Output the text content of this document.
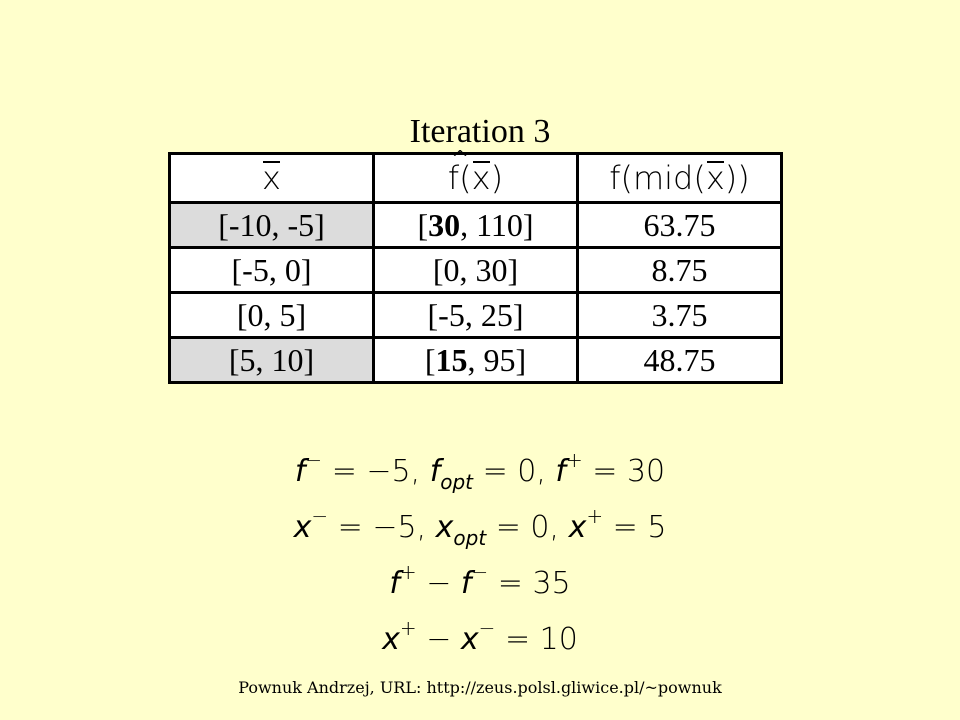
Iteration 3
x	^ f(x)	f(mid(x))
[-10, -5]	[30, 110]	63.75
[-5, 0]	[0, 30]	8.75
[0, 5]	[-5, 25]	3.75
[5, 10]	[15, 95]	48.75
f− = −5, $f_{opt} = 0$, f+ = 30
x− = −5, $x_{opt} = 0$, x+ = 5
f+ − f− = 35
x+ − x− = 10
Pownuk Andrzej, URL: http://zeus.polsl.gliwice.pl/~pownuk
